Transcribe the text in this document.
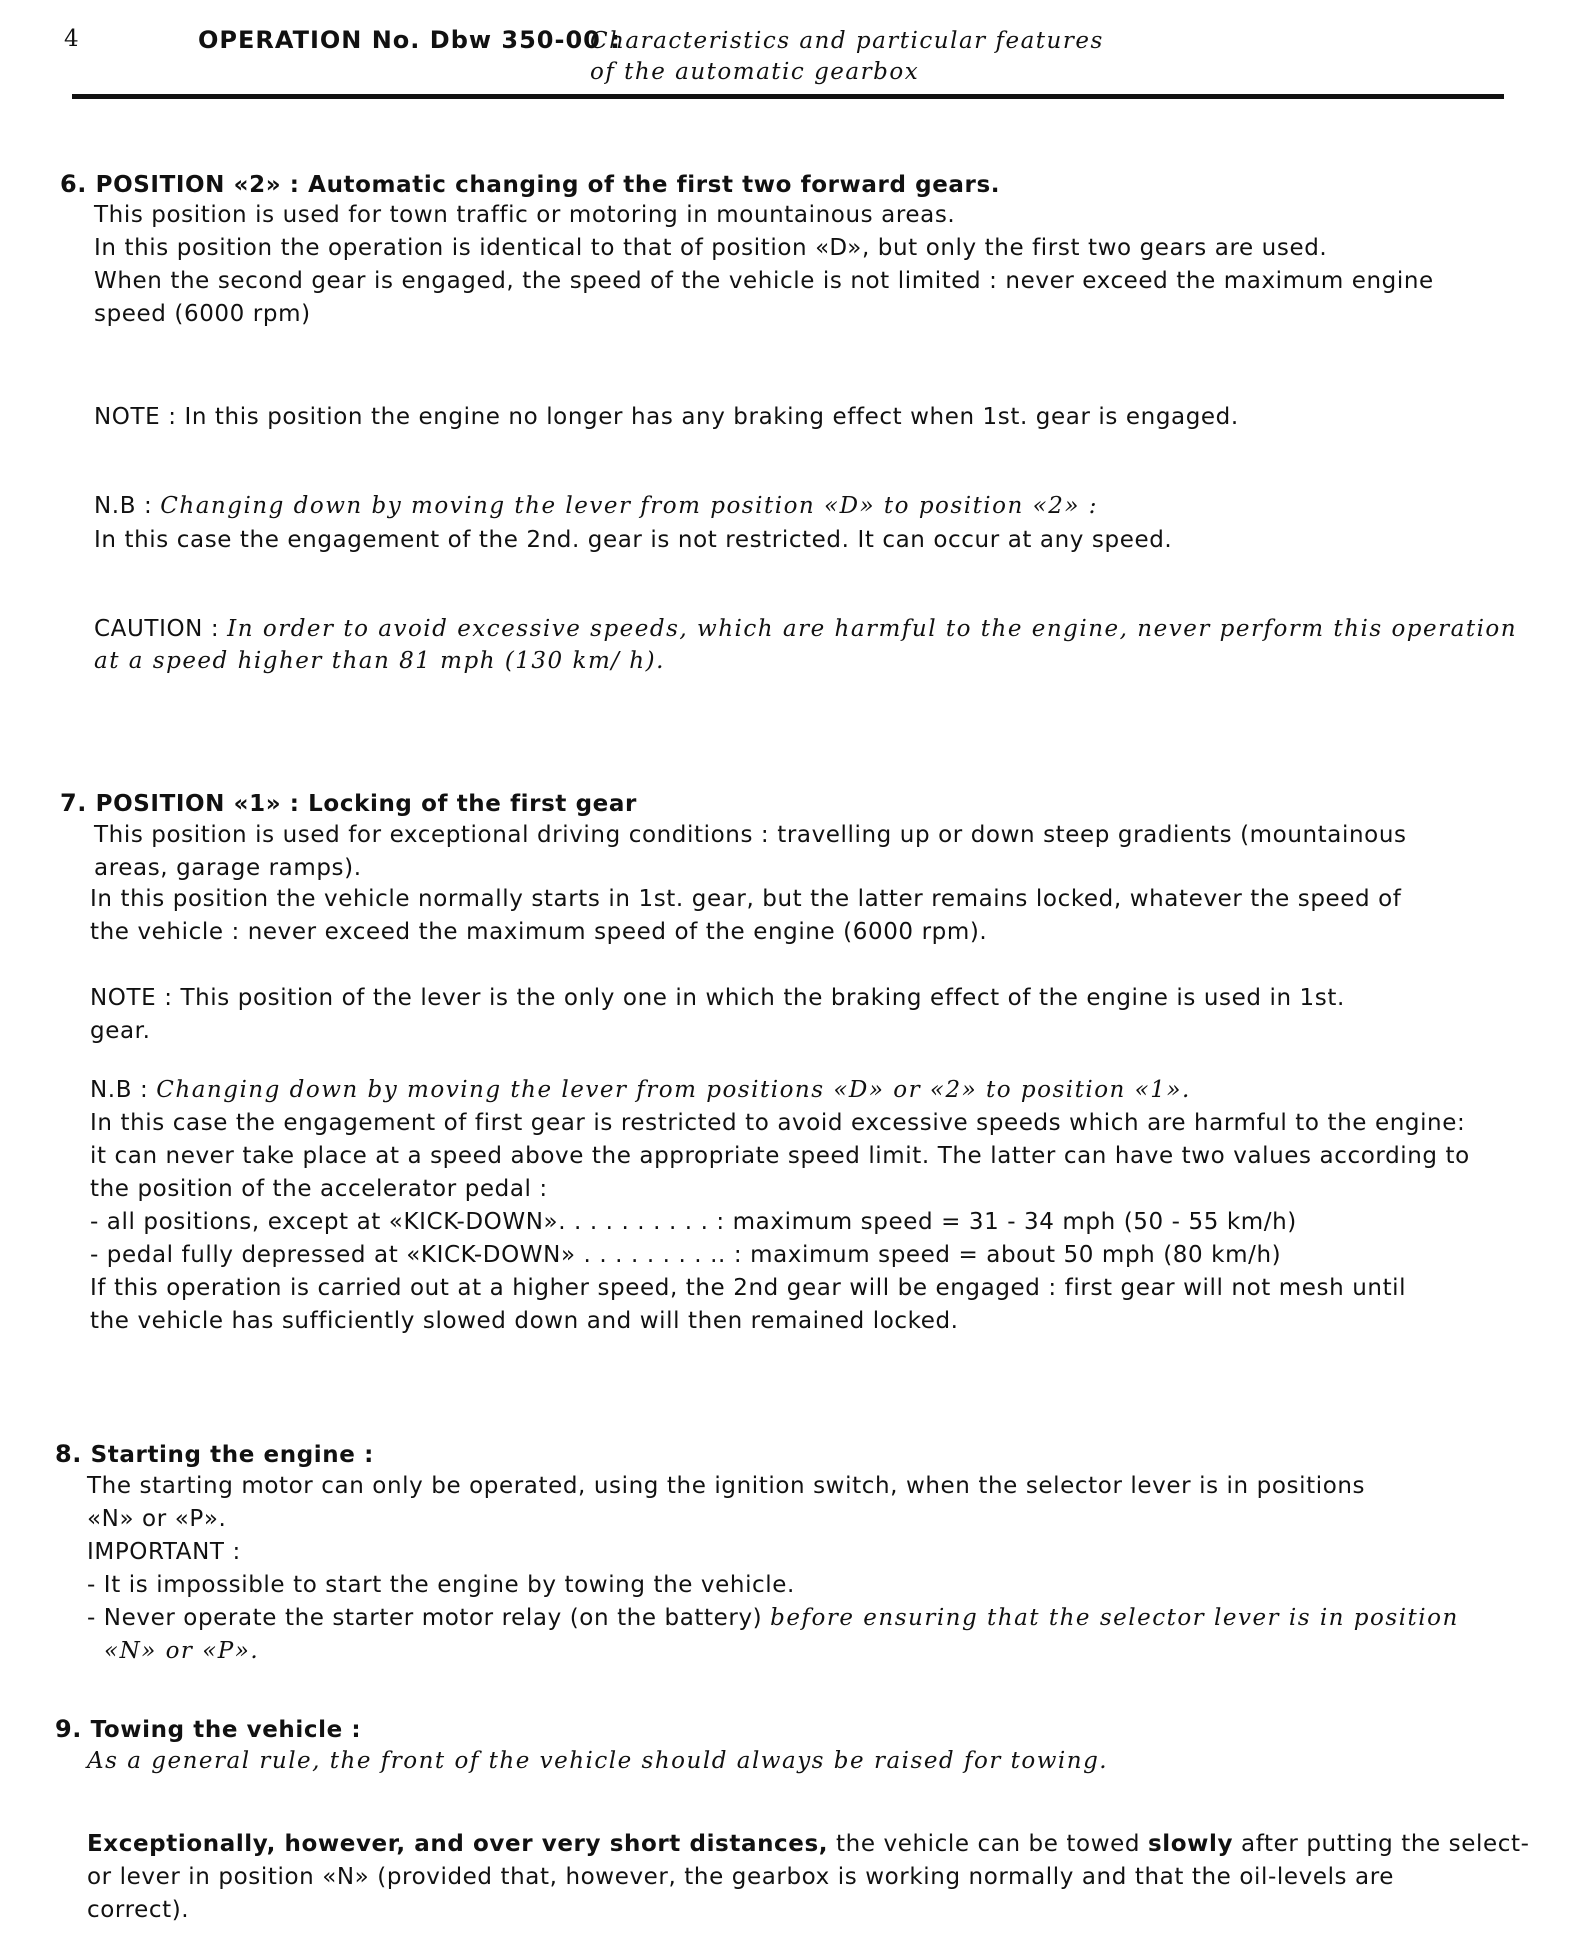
4	OPERATION No. Dbw 350-00 :
Characteristics and particular features
of the automatic gearbox
6. POSITION «2» : Automatic changing of the first two forward gears.
This position is used for town traffic or motoring in mountainous areas.
In this position the operation is identical to that of position «D», but only the first two gears are used.
When the second gear is engaged, the speed of the vehicle is not limited : never exceed the maximum engine
speed (6000 rpm)
NOTE : In this position the engine no longer has any braking effect when 1st. gear is engaged.
N.B : Changing down by moving the lever from position «D» to position «2» :
In this case the engagement of the 2nd. gear is not restricted. It can occur at any speed.
CAUTION : In order to avoid excessive speeds, which are harmful to the engine, never perform this operation
at a speed higher than 81 mph (130 km/ h).
7. POSITION «1» : Locking of the first gear
This position is used for exceptional driving conditions : travelling up or down steep gradients (mountainous
areas, garage ramps).
In this position the vehicle normally starts in 1st. gear, but the latter remains locked, whatever the speed of
the vehicle : never exceed the maximum speed of the engine (6000 rpm).
NOTE : This position of the lever is the only one in which the braking effect of the engine is used in 1st.
gear.
N.B : Changing down by moving the lever from positions «D» or «2» to position «1».
In this case the engagement of first gear is restricted to avoid excessive speeds which are harmful to the engine:
it can never take place at a speed above the appropriate speed limit. The latter can have two values according to
the position of the accelerator pedal :
- all positions, except at «KICK-DOWN». . . . . . . . . . : maximum speed = 31 - 34 mph (50 - 55 km/h)
- pedal fully depressed at «KICK-DOWN» . . . . . . . . .. : maximum speed = about 50 mph (80 km/h)
If this operation is carried out at a higher speed, the 2nd gear will be engaged : first gear will not mesh until
the vehicle has sufficiently slowed down and will then remained locked.
8. Starting the engine :
The starting motor can only be operated, using the ignition switch, when the selector lever is in positions
«N» or «P».
IMPORTANT :
- It is impossible to start the engine by towing the vehicle.
- Never operate the starter motor relay (on the battery) before ensuring that the selector lever is in position
«N» or «P».
9. Towing the vehicle :
As a general rule, the front of the vehicle should always be raised for towing.
Exceptionally, however, and over very short distances, the vehicle can be towed slowly after putting the select-
or lever in position «N» (provided that, however, the gearbox is working normally and that the oil-levels are
correct).
